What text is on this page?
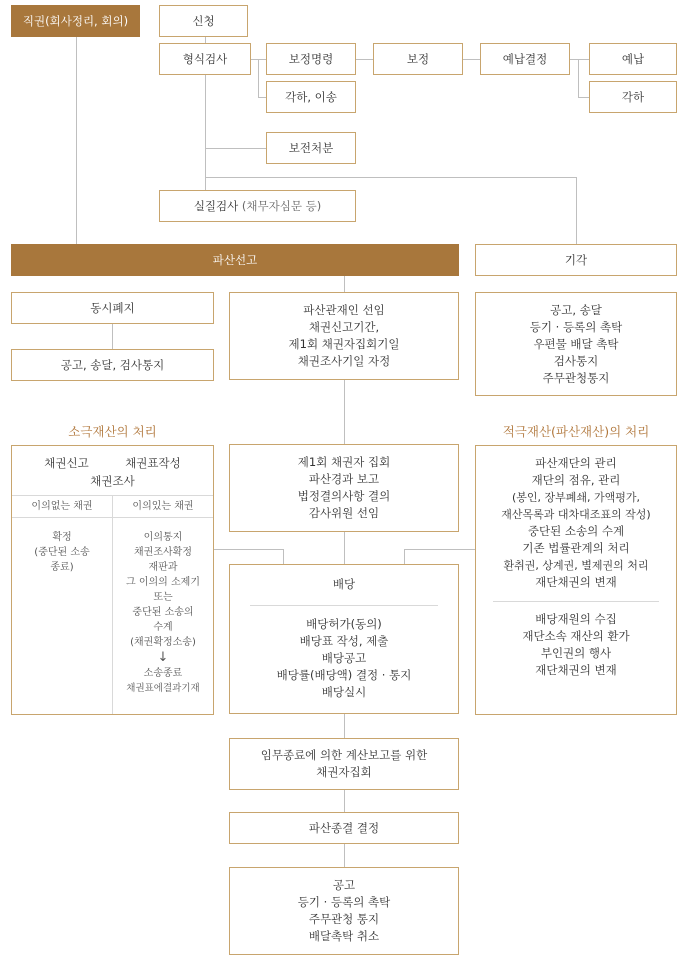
직권(회사정리, 회의)	신청
형식검사	보정명령	보정	예납결정	예납
각하, 이송	각하
보전처분
실질검사 (채무자심문 등)
파산선고	기각
동시폐지
공고, 송달, 검사통지
파산관재인 선임
채권신고기간,
제1회 채권자집회기일
채권조사기일 자정
공고, 송달
등기 · 등록의 촉탁
우편물 배달 촉탁
검사통지
주무관청통지
소극재산의 처리	적극재산(파산재산)의 처리
채권신고	채권표작성
채권조사
이의없는 채권
확정
(중단된 소송
종료)
이의있는 채권
이의통지
채권조사확정
재판과
그 이의의 소제기
또는
중단된 소송의
수계
(채권확정소송)
↓
소송종료
채권표에결과기재
제1회 채권자 집회
파산경과 보고
법정결의사항 결의
감사위원 선임
배당
배당허가(동의)
배당표 작성, 제출
배당공고
배당률(배당액) 결정 · 통지
배당실시
파산재단의 관리
재단의 점유, 관리
(봉인, 장부폐쇄, 가액평가,
재산목록과 대차대조표의 작성)
중단된 소송의 수계
기존 법률관계의 처리
환취권, 상계권, 별제권의 처리
재단채권의 변재
배당재원의 수집
재단소속 재산의 환가
부인권의 행사
재단채권의 변재
임무종료에 의한 계산보고를 위한
채권자집회
파산종결 결정
공고
등기 · 등록의 촉탁
주무관청 통지
배달촉탁 취소
